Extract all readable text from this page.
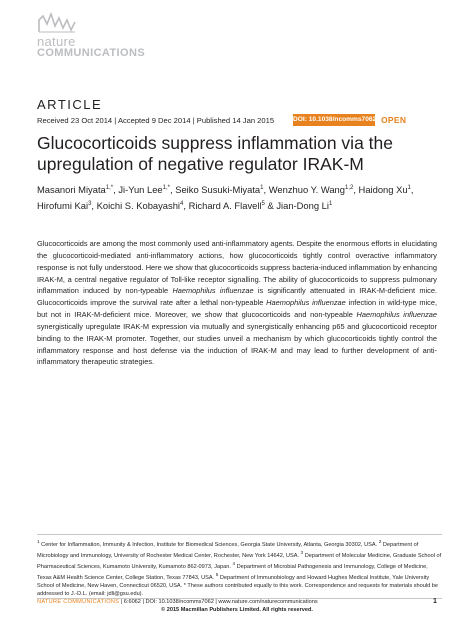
nature
COMMUNICATIONS
ARTICLE
Received 23 Oct 2014 | Accepted 9 Dec 2014 | Published 14 Jan 2015	DOI: 10.1038/ncomms7062 OPEN
Glucocorticoids suppress inflammation via the upregulation of negative regulator IRAK-M
Masanori Miyata$^{1,*}$, Ji-Yun Lee$^{1,*}$, Seiko Susuki-Miyata$^1$, Wenzhuo Y. Wang$^{1,2}$, Haidong Xu$^1$, Hirofumi Kai$^3$, Koichi S. Kobayashi$^4$, Richard A. Flavell$^5$ & Jian-Dong Li$^1$

Glucocorticoids are among the most commonly used anti-inflammatory agents. Despite the enormous efforts in elucidating the glucocorticoid-mediated anti-inflammatory actions, how glucocorticoids tightly control overactive inflammatory response is not fully understood. Here we show that glucocorticoids suppress bacteria-induced inflammation by enhancing IRAK-M, a central negative regulator of Toll-like receptor signalling. The ability of glucocorticoids to suppress pulmonary inflammation induced by non-typeable Haemophilus influenzae is significantly attenuated in IRAK-M-deficient mice. Glucocorticoids improve the survival rate after a lethal non-typeable Haemophilus influenzae infection in wild-type mice, but not in IRAK-M-deficient mice. Moreover, we show that glucocorticoids and non-typeable Haemophilus influenzae synergistically upregulate IRAK-M expression via mutually and synergistically enhancing p65 and glucocorticoid receptor binding to the IRAK-M promoter. Together, our studies unveil a mechanism by which glucocorticoids tightly control the inflammatory response and host defense via the induction of IRAK-M and may lead to further development of anti-inflammatory therapeutic strategies.

$^1$ Center for Inflammation, Immunity & Infection, Institute for Biomedical Sciences, Georgia State University, Atlanta, Georgia 30302, USA. $^2$ Department of Microbiology and Immunology, University of Rochester Medical Center, Rochester, New York 14642, USA. $^3$ Department of Molecular Medicine, Graduate School of Pharmaceutical Sciences, Kumamoto University, Kumamoto 862-0973, Japan. $^4$ Department of Microbial Pathogenesis and Immunology, College of Medicine, Texas A&M Health Science Center, College Station, Texas 77843, USA. $^5$ Department of Immunobiology and Howard Hughes Medical Institute, Yale University School of Medicine, New Haven, Connecticut 06520, USA. * These authors contributed equally to this work. Correspondence and requests for materials should be addressed to J.-D.L. (email: jdli@gsu.edu).

NATURE COMMUNICATIONS | 6:6062 | DOI: 10.1038/ncomms7062 | www.nature.com/naturecommunications	1
© 2015 Macmillan Publishers Limited. All rights reserved.
